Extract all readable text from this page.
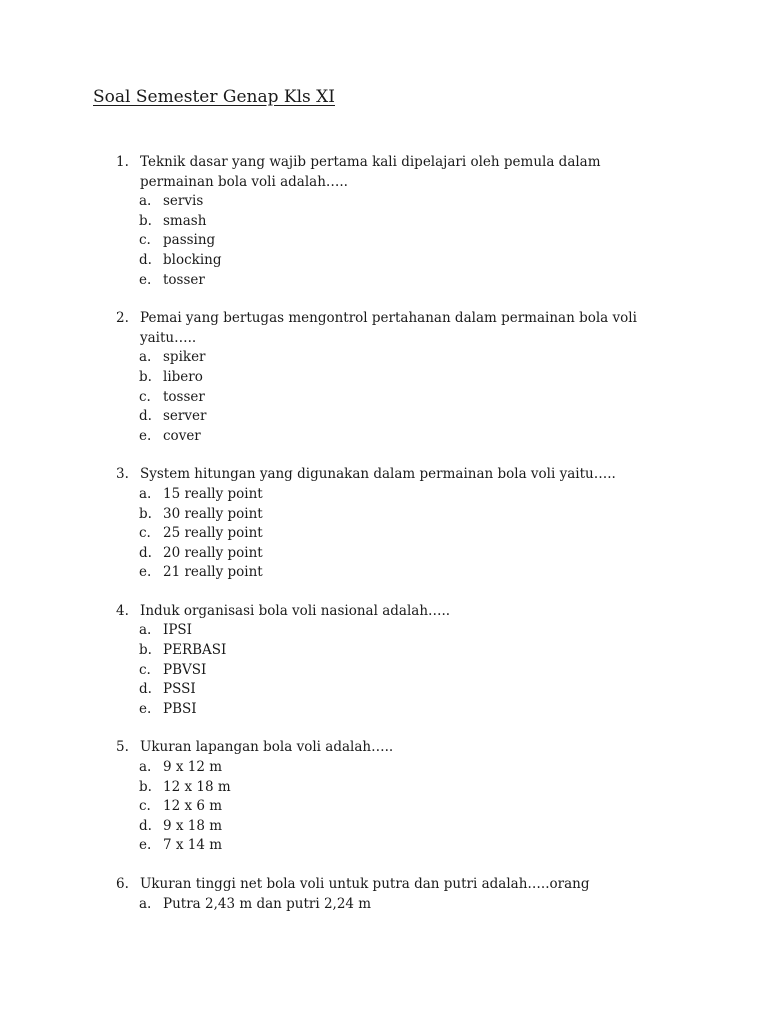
Soal Semester Genap Kls XI
1. Teknik dasar yang wajib pertama kali dipelajari oleh pemula dalam permainan bola voli adalah…..
a. servis
b. smash
c. passing
d. blocking
e. tosser
2. Pemai yang bertugas mengontrol pertahanan dalam permainan bola voli yaitu…..
a. spiker
b. libero
c. tosser
d. server
e. cover
3. System hitungan yang digunakan dalam permainan bola voli yaitu…..
a. 15 really point
b. 30 really point
c. 25 really point
d. 20 really point
e. 21 really point
4. Induk organisasi bola voli nasional adalah…..
a. IPSI
b. PERBASI
c. PBVSI
d. PSSI
e. PBSI
5. Ukuran lapangan bola voli adalah…..
a. 9 x 12 m
b. 12 x 18 m
c. 12 x 6 m
d. 9 x 18 m
e. 7 x 14 m
6. Ukuran tinggi net bola voli untuk putra dan putri adalah…..orang
a. Putra 2,43 m dan putri 2,24 m
